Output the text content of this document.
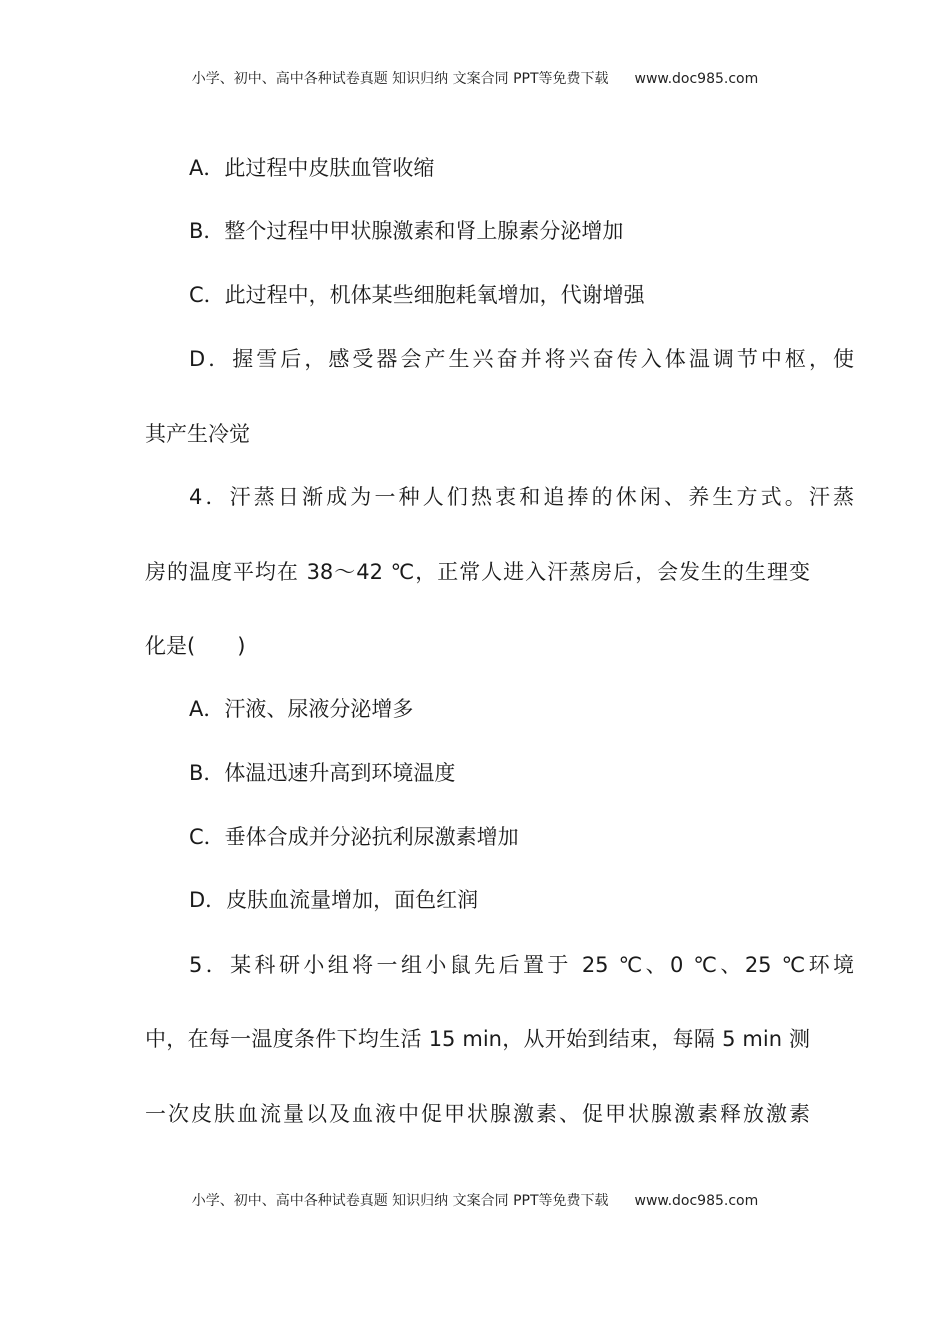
小学、初中、高中各种试卷真题 知识归纳 文案合同 PPT等免费下载 www.doc985.com
A．此过程中皮肤血管收缩
B．整个过程中甲状腺激素和肾上腺素分泌增加
C．此过程中，机体某些细胞耗氧增加，代谢增强
D．握雪后，感受器会产生兴奋并将兴奋传入体温调节中枢，使
其产生冷觉
4．汗蒸日渐成为一种人们热衷和追捧的休闲、养生方式。汗蒸
房的温度平均在 38～42 ℃，正常人进入汗蒸房后，会发生的生理变
化是(　　)
A．汗液、尿液分泌增多
B．体温迅速升高到环境温度
C．垂体合成并分泌抗利尿激素增加
D．皮肤血流量增加，面色红润
5．某科研小组将一组小鼠先后置于 25 ℃、0 ℃、25 ℃环境
中，在每一温度条件下均生活 15 min，从开始到结束，每隔 5 min 测
一次皮肤血流量以及血液中促甲状腺激素、促甲状腺激素释放激素
小学、初中、高中各种试卷真题 知识归纳 文案合同 PPT等免费下载 www.doc985.com
